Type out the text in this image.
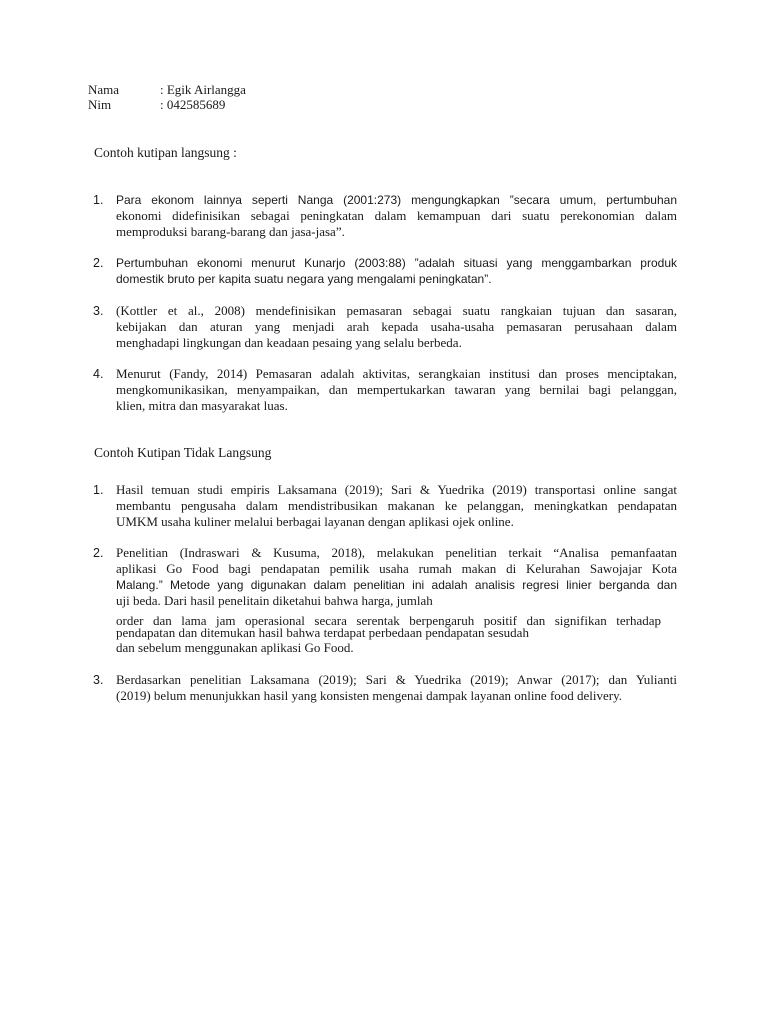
Nama	: Egik Airlangga
Nim	: 042585689
Contoh kutipan langsung :
1. Para ekonom lainnya seperti Nanga (2001:273) mengungkapkan ”secara umum, pertumbuhan
ekonomi didefinisikan sebagai peningkatan dalam kemampuan dari suatu perekonomian dalam
memproduksi barang-barang dan jasa-jasa”.
2. Pertumbuhan ekonomi menurut Kunarjo (2003:88) ”adalah situasi yang menggambarkan produk
domestik bruto per kapita suatu negara yang mengalami peningkatan”.
3. (Kottler et al., 2008) mendefinisikan pemasaran sebagai suatu rangkaian tujuan dan sasaran,
kebijakan dan aturan yang menjadi arah kepada usaha-usaha pemasaran perusahaan dalam
menghadapi lingkungan dan keadaan pesaing yang selalu berbeda.
4. Menurut (Fandy, 2014) Pemasaran adalah aktivitas, serangkaian institusi dan proses menciptakan,
mengkomunikasikan, menyampaikan, dan mempertukarkan tawaran yang bernilai bagi pelanggan,
klien, mitra dan masyarakat luas.
Contoh Kutipan Tidak Langsung
1. Hasil temuan studi empiris Laksamana (2019); Sari & Yuedrika (2019) transportasi online sangat
membantu pengusaha dalam mendistribusikan makanan ke pelanggan, meningkatkan pendapatan
UMKM usaha kuliner melalui berbagai layanan dengan aplikasi ojek online.
2. Penelitian (Indraswari & Kusuma, 2018), melakukan penelitian terkait “Analisa pemanfaatan
aplikasi Go Food bagi pendapatan pemilik usaha rumah makan di Kelurahan Sawojajar Kota
Malang.” Metode yang digunakan dalam penelitian ini adalah analisis regresi linier berganda dan
uji beda. Dari hasil penelitain diketahui bahwa harga, jumlah
order dan lama jam operasional secara serentak berpengaruh positif dan signifikan terhadap
pendapatan dan ditemukan hasil bahwa terdapat perbedaan pendapatan sesudah
dan sebelum menggunakan aplikasi Go Food.
3. Berdasarkan penelitian Laksamana (2019); Sari & Yuedrika (2019); Anwar (2017); dan Yulianti
(2019) belum menunjukkan hasil yang konsisten mengenai dampak layanan online food delivery.
